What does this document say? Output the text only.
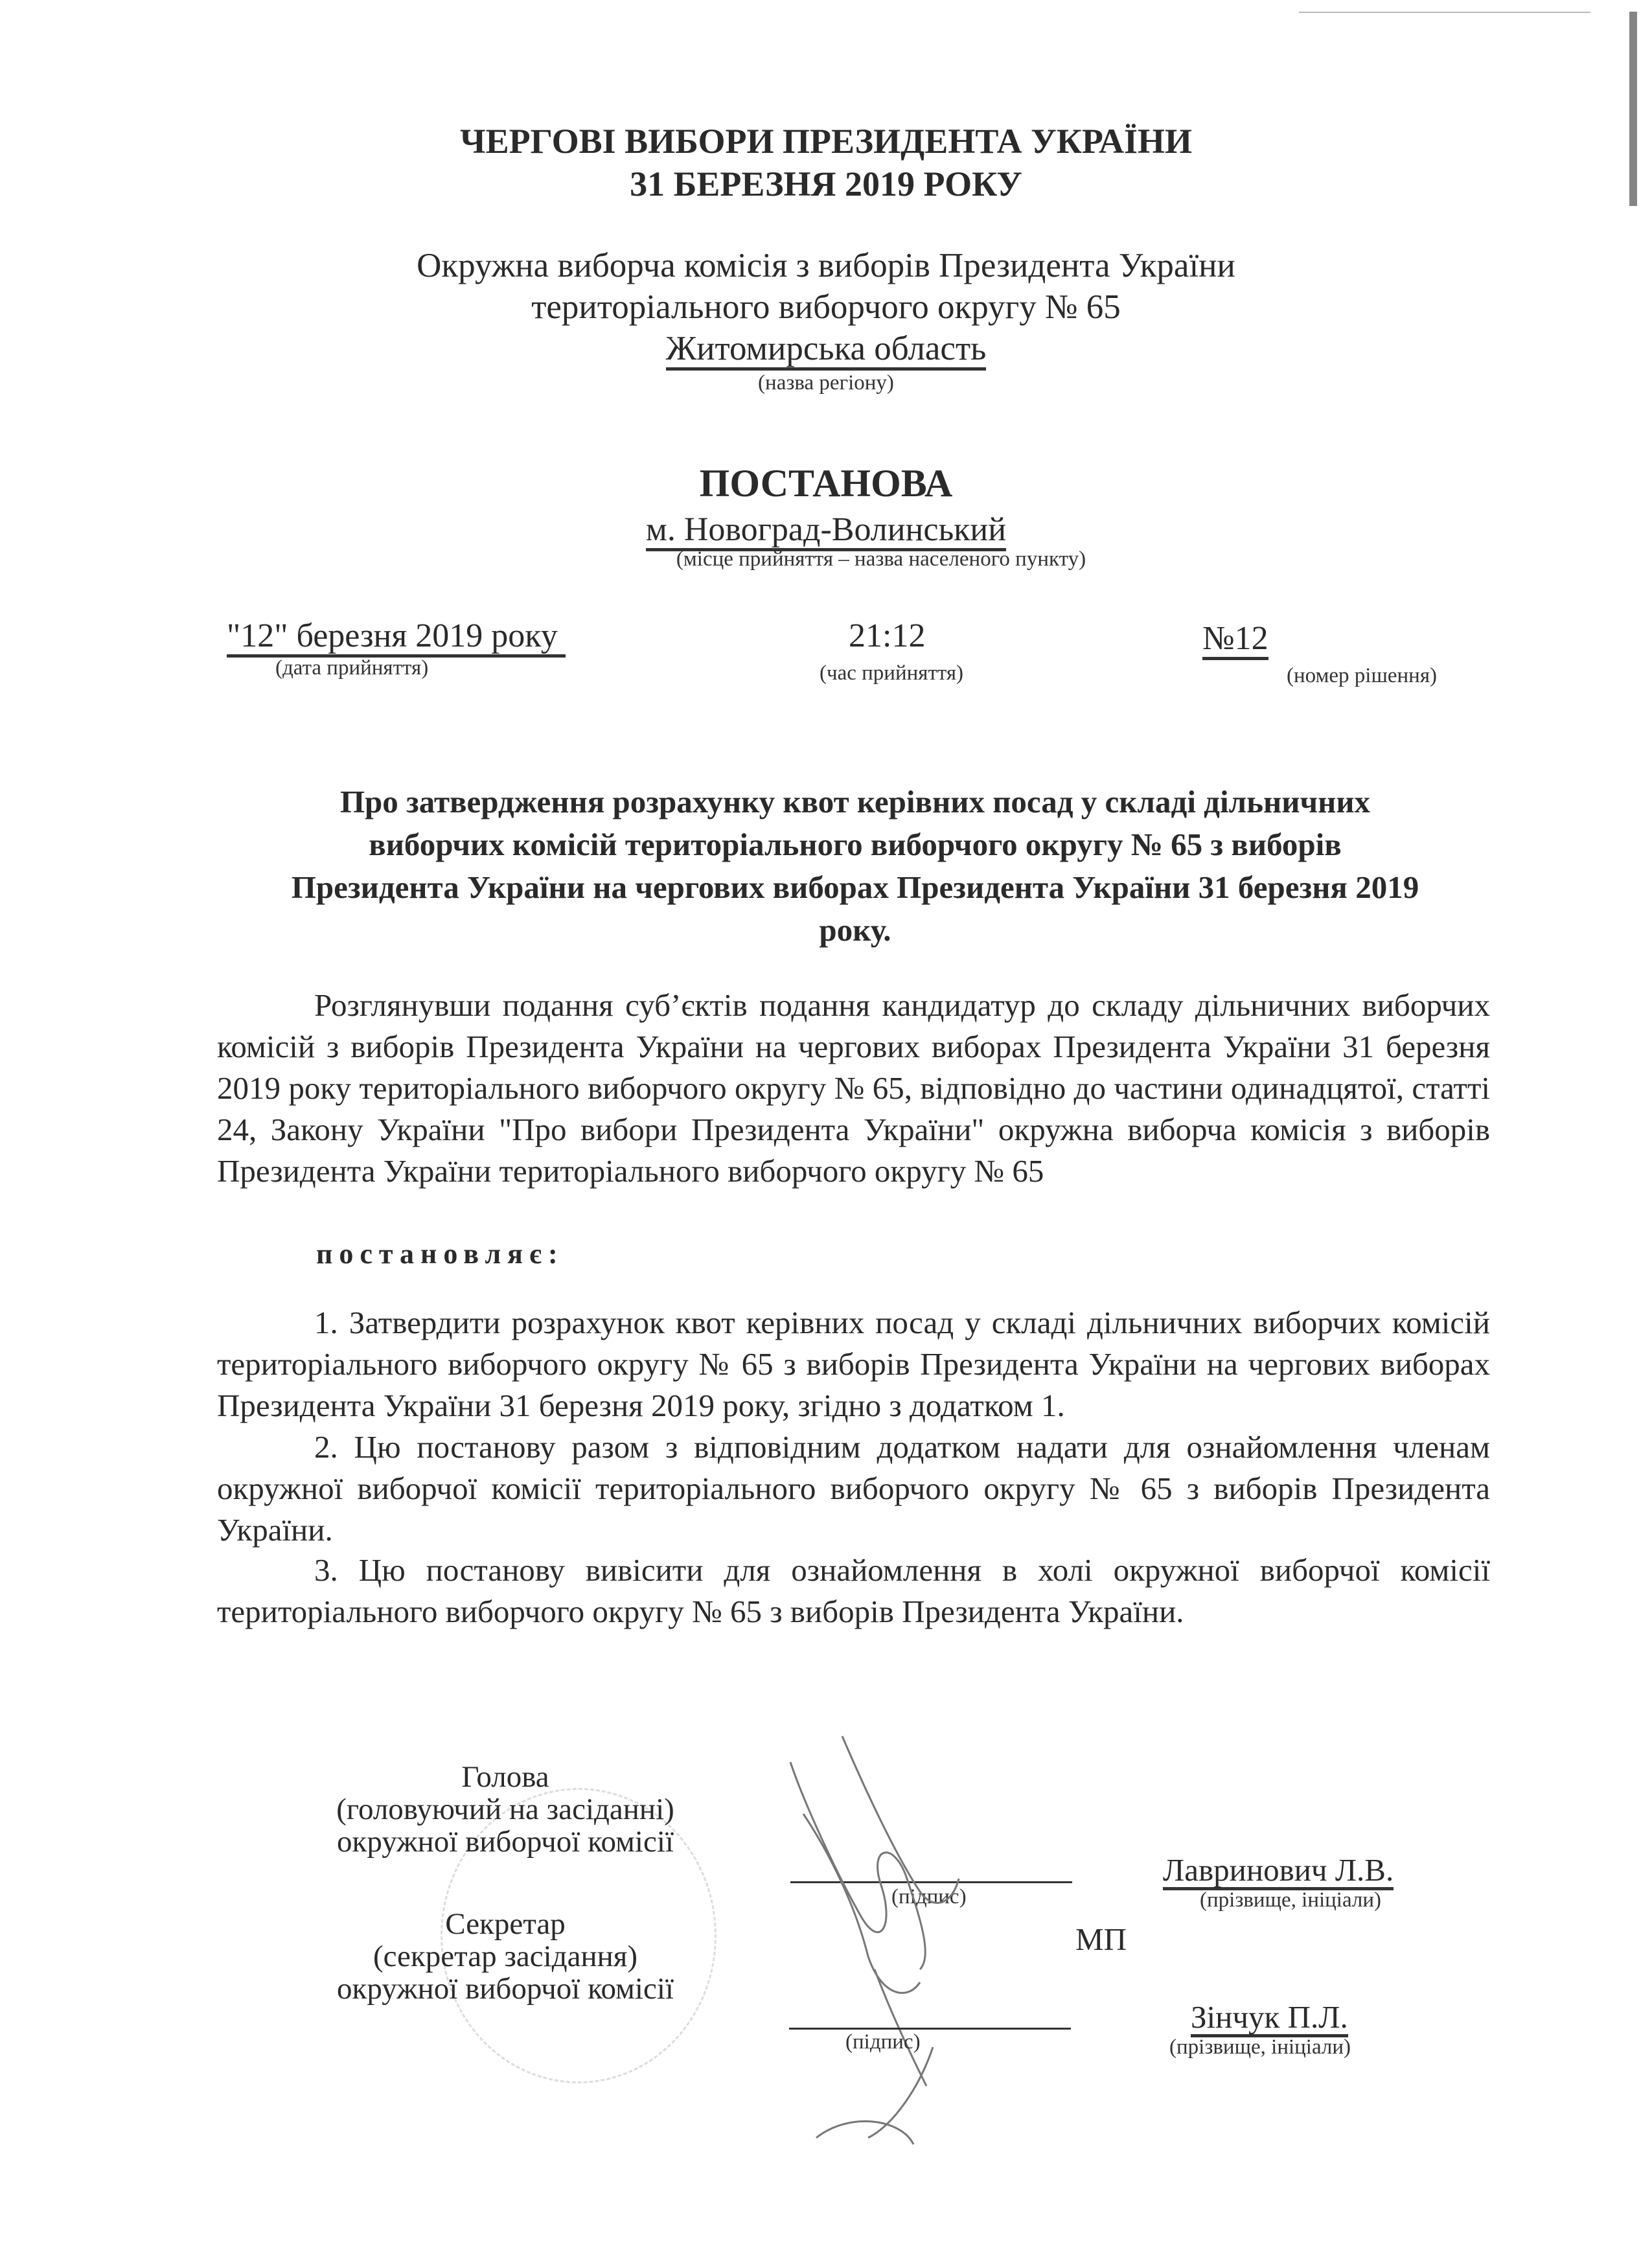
ЧЕРГОВІ ВИБОРИ ПРЕЗИДЕНТА УКРАЇНИ
31 БЕРЕЗНЯ 2019 РОКУ
Окружна виборча комісія з виборів Президента України
територіального виборчого округу № 65
Житомирська область
(назва регіону)
ПОСТАНОВА
м. Новоград-Волинський
(місце прийняття – назва населеного пункту)
"12" березня 2019 року
(дата прийняття)
21:12
(час прийняття)
№12
(номер рішення)
Про затвердження розрахунку квот керівних посад у складі дільничних
виборчих комісій територіального виборчого округу № 65 з виборів
Президента України на чергових виборах Президента України 31 березня 2019
року.
Розглянувши подання суб’єктів подання кандидатур до складу дільничних виборчих комісій з виборів Президента України на чергових виборах Президента України 31 березня 2019 року територіального виборчого округу № 65, відповідно до частини одинадцятої, статті 24, Закону України "Про вибори Президента України" окружна виборча комісія з виборів Президента України територіального виборчого округу № 65
постановляє:
1. Затвердити розрахунок квот керівних посад у складі дільничних виборчих комісій територіального виборчого округу № 65 з виборів Президента України на чергових виборах Президента України 31 березня 2019 року, згідно з додатком 1.
2. Цю постанову разом з відповідним додатком надати для ознайомлення членам окружної виборчої комісії територіального виборчого округу № 65 з виборів Президента України.
3. Цю постанову вивісити для ознайомлення в холі окружної виборчої комісії територіального виборчого округу № 65 з виборів Президента України.
Голова
(головуючий на засіданні)
окружної виборчої комісії
(підпис)
Лавринович Л.В.
(прізвище, ініціали)
МП
Секретар
(секретар засідання)
окружної виборчої комісії
(підпис)
Зінчук П.Л.
(прізвище, ініціали)
